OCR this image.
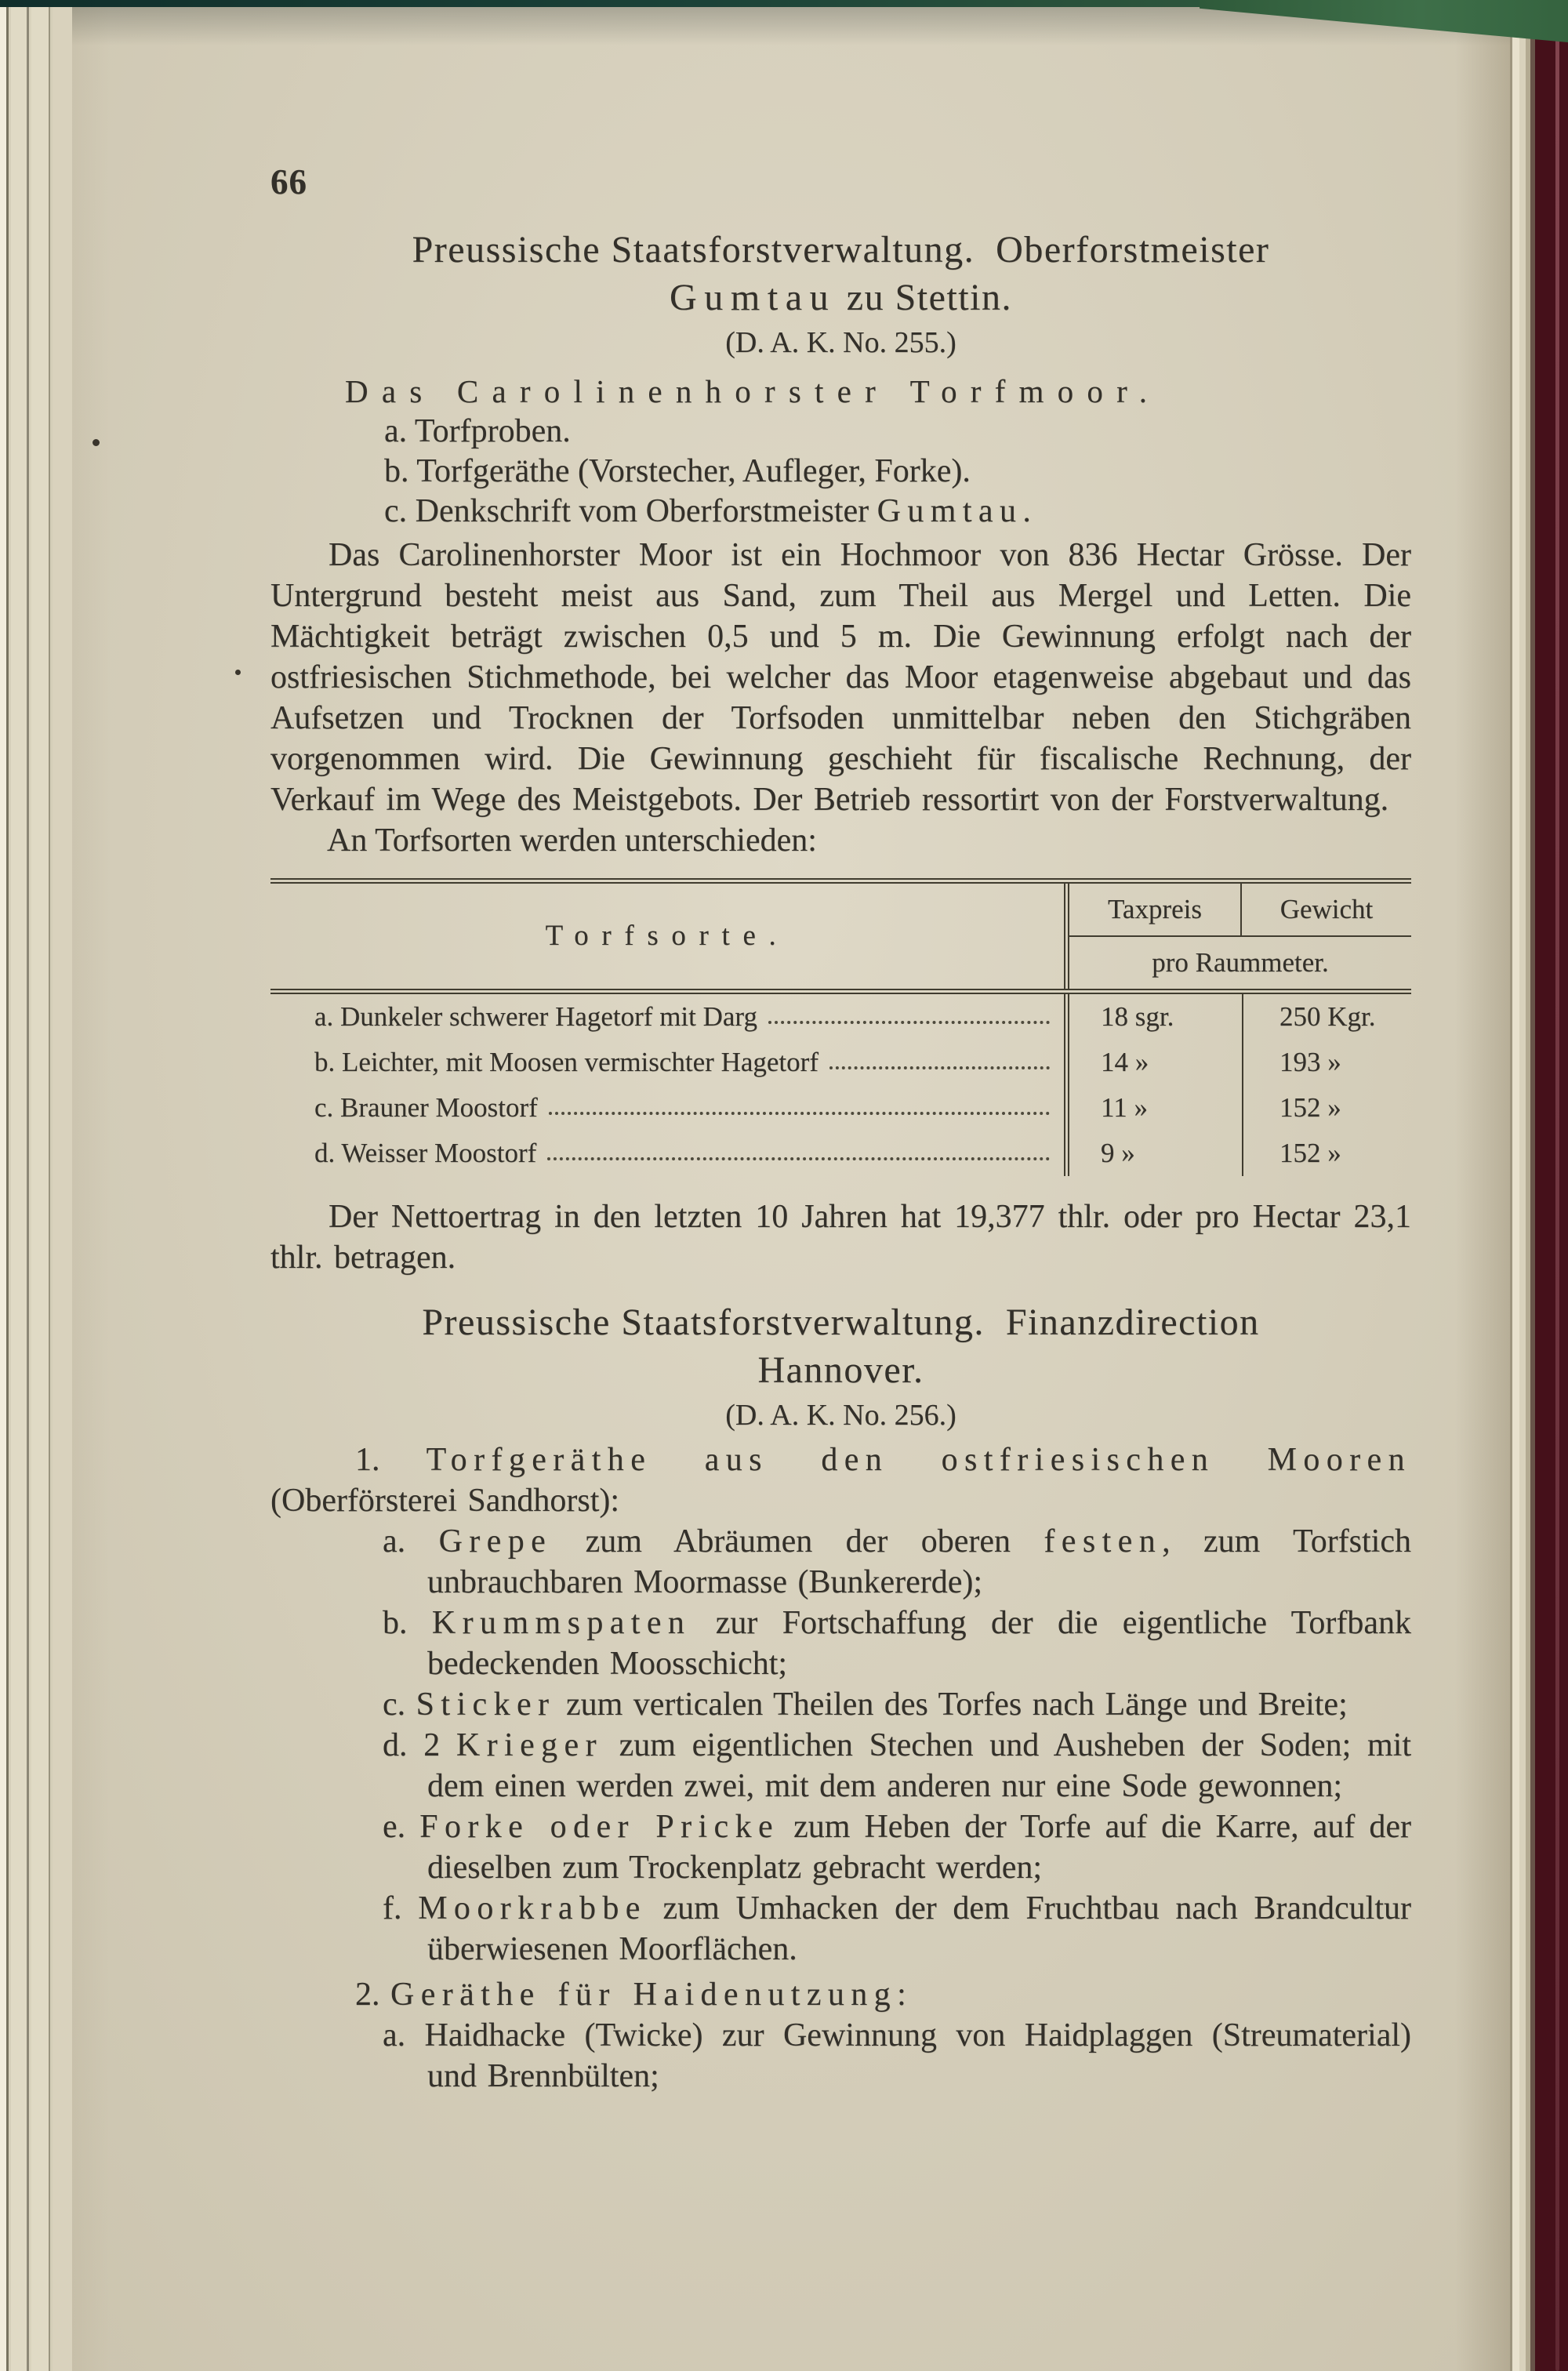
66
Preussische Staatsforstverwaltung.  Oberforstmeister
Gumtau zu Stettin.
(D. A. K. No. 255.)
Das Carolinenhorster Torfmoor.
a. Torfproben.
b. Torfgeräthe (Vorstecher, Aufleger, Forke).
c. Denkschrift vom Oberforstmeister Gumtau.
Das Carolinenhorster Moor ist ein Hochmoor von 836 Hectar Grösse. Der Untergrund besteht meist aus Sand, zum Theil aus Mergel und Letten. Die Mächtigkeit beträgt zwischen 0,5 und 5 m. Die Gewinnung erfolgt nach der ostfriesischen Stichmethode, bei welcher das Moor etagenweise abgebaut und das Aufsetzen und Trocknen der Torfsoden unmittelbar neben den Stichgräben vorgenommen wird. Die Gewinnung geschieht für fiscalische Rechnung, der Verkauf im Wege des Meistgebots. Der Betrieb ressortirt von der Forstverwaltung.
An Torfsorten werden unterschieden:
Torfsorte.
Taxpreis	Gewicht
pro Raummeter.
a. Dunkeler schwerer Hagetorf mit Darg	18 sgr.	250 Kgr.
b. Leichter, mit Moosen vermischter Hagetorf	14 »	193 »
c. Brauner Moostorf	11 »	152 »
d. Weisser Moostorf	9 »	152 »
Der Nettoertrag in den letzten 10 Jahren hat 19,377 thlr. oder pro Hectar 23,1 thlr. betragen.
Preussische Staatsforstverwaltung.  Finanzdirection
Hannover.
(D. A. K. No. 256.)
1. Torfgeräthe aus den ostfriesischen Mooren (Oberförsterei Sandhorst):
a. Grepe zum Abräumen der oberen festen, zum Torfstich unbrauchbaren Moormasse (Bunkererde);
b. Krummspaten zur Fortschaffung der die eigentliche Torfbank bedeckenden Moosschicht;
c. Sticker zum verticalen Theilen des Torfes nach Länge und Breite;
d. 2 Krieger zum eigentlichen Stechen und Ausheben der Soden; mit dem einen werden zwei, mit dem anderen nur eine Sode gewonnen;
e. Forke oder Pricke zum Heben der Torfe auf die Karre, auf der dieselben zum Trockenplatz gebracht werden;
f. Moorkrabbe zum Umhacken der dem Fruchtbau nach Brandcultur überwiesenen Moorflächen.
2. Geräthe für Haidenutzung:
a. Haidhacke (Twicke) zur Gewinnung von Haidplaggen (Streumaterial) und Brennbülten;
